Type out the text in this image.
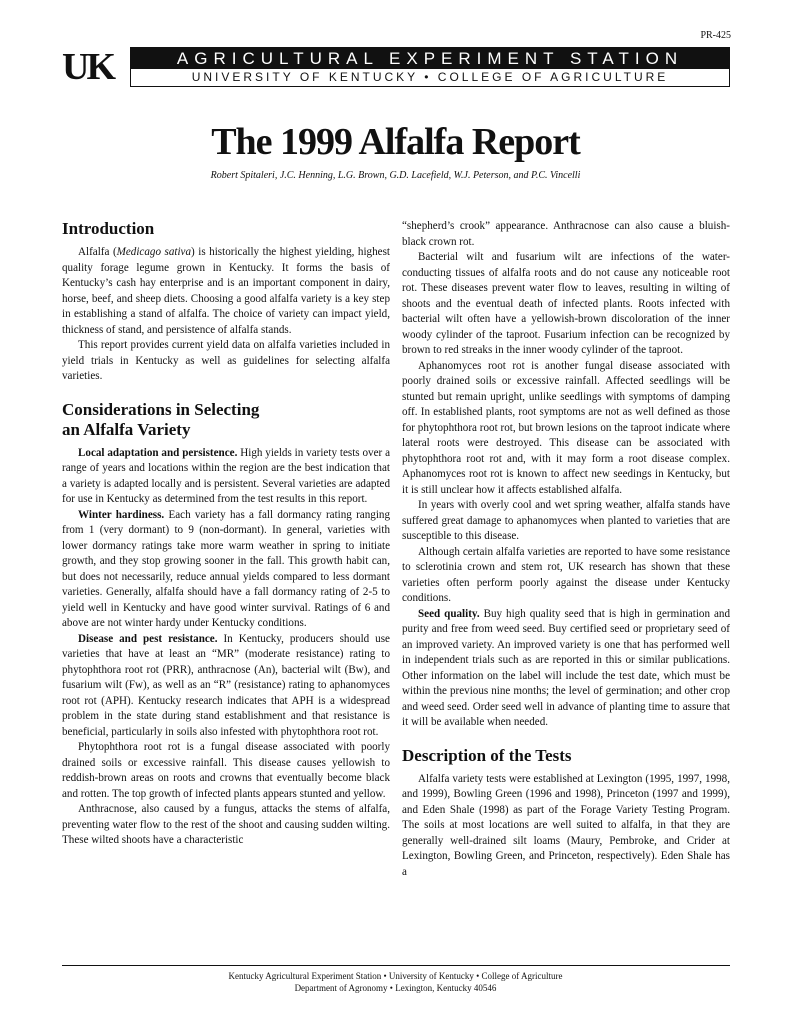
PR-425
UK	AGRICULTURAL EXPERIMENT STATION
UNIVERSITY OF KENTUCKY • COLLEGE OF AGRICULTURE
The 1999 Alfalfa Report
Robert Spitaleri, J.C. Henning, L.G. Brown, G.D. Lacefield, W.J. Peterson, and P.C. Vincelli
Introduction

Alfalfa (Medicago sativa) is historically the highest yielding, highest quality forage legume grown in Kentucky. It forms the basis of Kentucky’s cash hay enterprise and is an important component in dairy, horse, beef, and sheep diets. Choosing a good alfalfa variety is a key step in establishing a stand of alfalfa. The choice of variety can impact yield, thickness of stand, and persistence of alfalfa stands.

This report provides current yield data on alfalfa varieties included in yield trials in Kentucky as well as guidelines for selecting alfalfa varieties.

Considerations in Selecting
an Alfalfa Variety

Local adaptation and persistence. High yields in variety tests over a range of years and locations within the region are the best indication that a variety is adapted locally and is persistent. Several varieties are adapted for use in Kentucky as determined from the test results in this report.

Winter hardiness. Each variety has a fall dormancy rating ranging from 1 (very dormant) to 9 (non-dormant). In general, varieties with lower dormancy ratings take more warm weather in spring to initiate growth, and they stop growing sooner in the fall. This growth habit can, but does not necessarily, reduce annual yields compared to less dormant varieties. Generally, alfalfa should have a fall dormancy rating of 2-5 to yield well in Kentucky and have good winter survival. Ratings of 6 and above are not winter hardy under Kentucky conditions.

Disease and pest resistance. In Kentucky, producers should use varieties that have at least an “MR” (moderate resistance) rating to phytophthora root rot (PRR), anthracnose (An), bacterial wilt (Bw), and fusarium wilt (Fw), as well as an “R” (resistance) rating to aphanomyces root rot (APH). Kentucky research indicates that APH is a widespread problem in the state during stand establishment and that resistance is beneficial, particularly in soils also infested with phytophthora root rot.

Phytophthora root rot is a fungal disease associated with poorly drained soils or excessive rainfall. This disease causes yellowish to reddish-brown areas on roots and crowns that eventually become black and rotten. The top growth of infected plants appears stunted and yellow.

Anthracnose, also caused by a fungus, attacks the stems of alfalfa, preventing water flow to the rest of the shoot and causing sudden wilting. These wilted shoots have a characteristic

“shepherd’s crook” appearance. Anthracnose can also cause a bluish-black crown rot.

Bacterial wilt and fusarium wilt are infections of the water-conducting tissues of alfalfa roots and do not cause any noticeable root rot. These diseases prevent water flow to leaves, resulting in wilting of shoots and the eventual death of infected plants. Roots infected with bacterial wilt often have a yellowish-brown discoloration of the inner woody cylinder of the taproot. Fusarium infection can be recognized by brown to red streaks in the inner woody cylinder of the taproot.

Aphanomyces root rot is another fungal disease associated with poorly drained soils or excessive rainfall. Affected seedlings will be stunted but remain upright, unlike seedlings with symptoms of damping off. In established plants, root symptoms are not as well defined as those for phytophthora root rot, but brown lesions on the taproot indicate where lateral roots were destroyed. This disease can be associated with phytophthora root rot and, with it may form a root disease complex. Aphanomyces root rot is known to affect new seedings in Kentucky, but it is still unclear how it affects established alfalfa.

In years with overly cool and wet spring weather, alfalfa stands have suffered great damage to aphanomyces when planted to varieties that are susceptible to this disease.

Although certain alfalfa varieties are reported to have some resistance to sclerotinia crown and stem rot, UK research has shown that these varieties often perform poorly against the disease under Kentucky conditions.

Seed quality. Buy high quality seed that is high in germination and purity and free from weed seed. Buy certified seed or proprietary seed of an improved variety. An improved variety is one that has performed well in independent trials such as are reported in this or similar publications. Other information on the label will include the test date, which must be within the previous nine months; the level of germination; and other crop and weed seed. Order seed well in advance of planting time to assure that it will be available when needed.

Description of the Tests

Alfalfa variety tests were established at Lexington (1995, 1997, 1998, and 1999), Bowling Green (1996 and 1998), Princeton (1997 and 1999), and Eden Shale (1998) as part of the Forage Variety Testing Program. The soils at most locations are well suited to alfalfa, in that they are generally well-drained silt loams (Maury, Pembroke, and Crider at Lexington, Bowling Green, and Princeton, respectively). Eden Shale has a

Kentucky Agricultural Experiment Station • University of Kentucky • College of Agriculture
Department of Agronomy • Lexington, Kentucky 40546
